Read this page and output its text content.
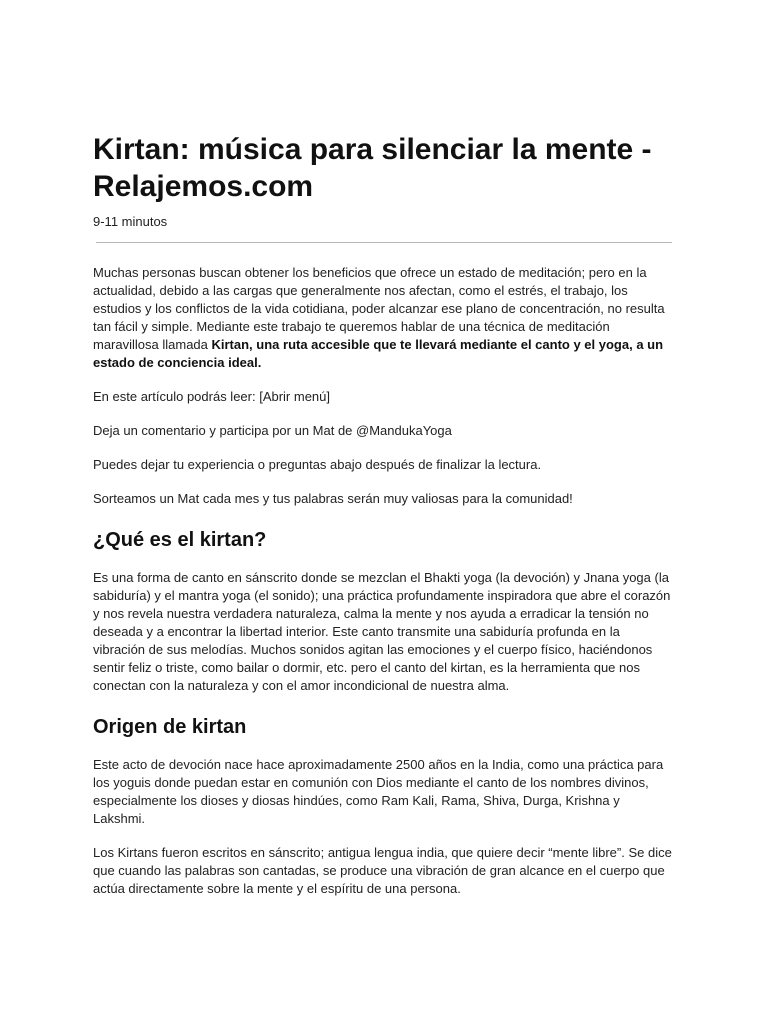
Kirtan: música para silenciar la mente - Relajemos.com
9-11 minutos

Muchas personas buscan obtener los beneficios que ofrece un estado de meditación; pero en la actualidad, debido a las cargas que generalmente nos afectan, como el estrés, el trabajo, los estudios y los conflictos de la vida cotidiana, poder alcanzar ese plano de concentración, no resulta tan fácil y simple. Mediante este trabajo te queremos hablar de una técnica de meditación maravillosa llamada Kirtan, una ruta accesible que te llevará mediante el canto y el yoga, a un estado de conciencia ideal.

En este artículo podrás leer: [Abrir menú]

Deja un comentario y participa por un Mat de @MandukaYoga

Puedes dejar tu experiencia o preguntas abajo después de finalizar la lectura.

Sorteamos un Mat cada mes y tus palabras serán muy valiosas para la comunidad!

¿Qué es el kirtan?

Es una forma de canto en sánscrito donde se mezclan el Bhakti yoga (la devoción) y Jnana yoga (la sabiduría) y el mantra yoga (el sonido); una práctica profundamente inspiradora que abre el corazón y nos revela nuestra verdadera naturaleza, calma la mente y nos ayuda a erradicar la tensión no deseada y a encontrar la libertad interior. Este canto transmite una sabiduría profunda en la vibración de sus melodías. Muchos sonidos agitan las emociones y el cuerpo físico, haciéndonos sentir feliz o triste, como bailar o dormir, etc. pero el canto del kirtan, es la herramienta que nos conectan con la naturaleza y con el amor incondicional de nuestra alma.

Origen de kirtan

Este acto de devoción nace hace aproximadamente 2500 años en la India, como una práctica para los yoguis donde puedan estar en comunión con Dios mediante el canto de los nombres divinos, especialmente los dioses y diosas hindúes, como Ram Kali, Rama, Shiva, Durga, Krishna y Lakshmi.

Los Kirtans fueron escritos en sánscrito; antigua lengua india, que quiere decir “mente libre”. Se dice que cuando las palabras son cantadas, se produce una vibración de gran alcance en el cuerpo que actúa directamente sobre la mente y el espíritu de una persona.
